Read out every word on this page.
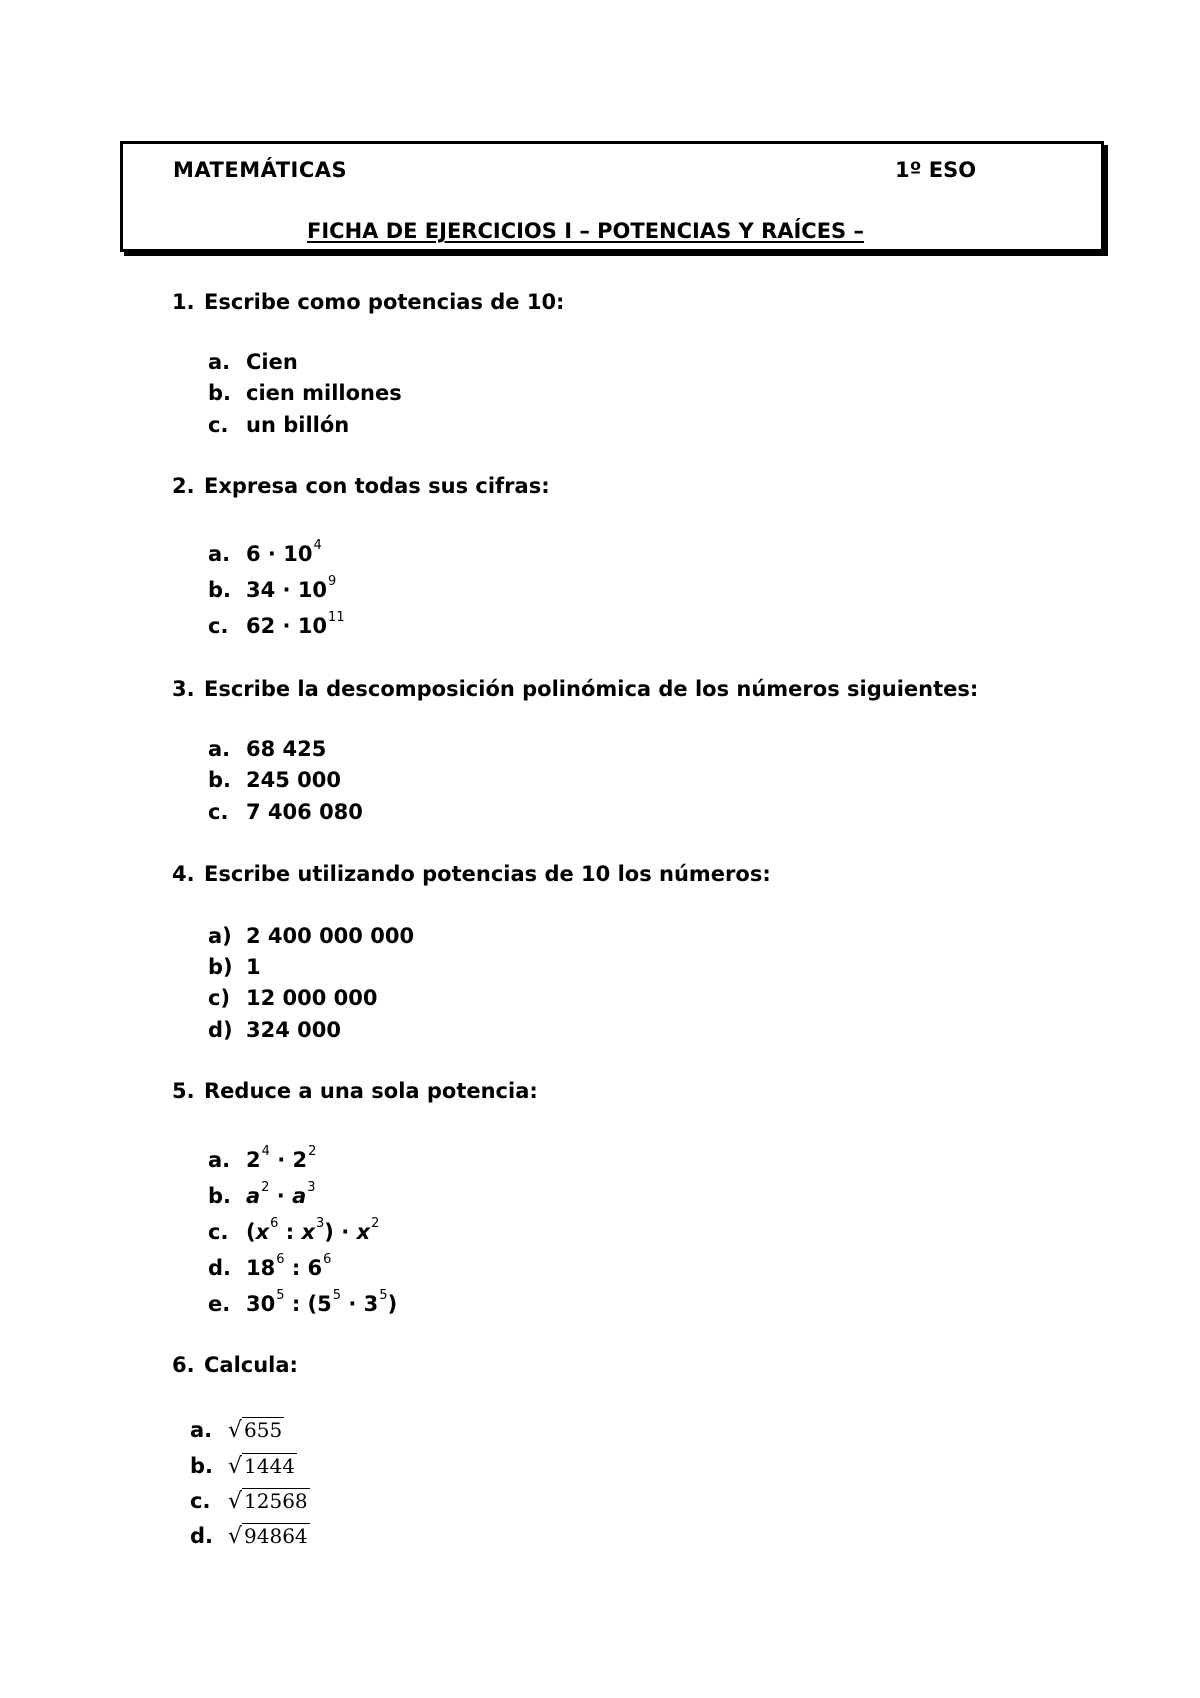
MATEMÁTICAS	1º ESO
FICHA DE EJERCICIOS I – POTENCIAS Y RAÍCES –
1. Escribe como potencias de 10:
a. Cien
b. cien millones
c. un billón
2. Expresa con todas sus cifras:
a. $6 \cdot 10^4$
b. $34 \cdot 10^9$
c. $62 \cdot 10^{11}$
3. Escribe la descomposición polinómica de los números siguientes:
a. 68 425
b. 245 000
c. 7 406 080
4. Escribe utilizando potencias de 10 los números:
a) 2 400 000 000
b) 1
c) 12 000 000
d) 324 000
5. Reduce a una sola potencia:
a. $2^4 \cdot 2^2$
b. $a^2 \cdot a^3$
c. ($x^6$ : $x^3) \cdot x^2$
d. $18^6$ : $6^6$
e. $30^5$ : $(5^5 \cdot 3^5)$
6. Calcula:
a. √ 655
b. √ 1444
c. √ 12568
d. √ 94864
